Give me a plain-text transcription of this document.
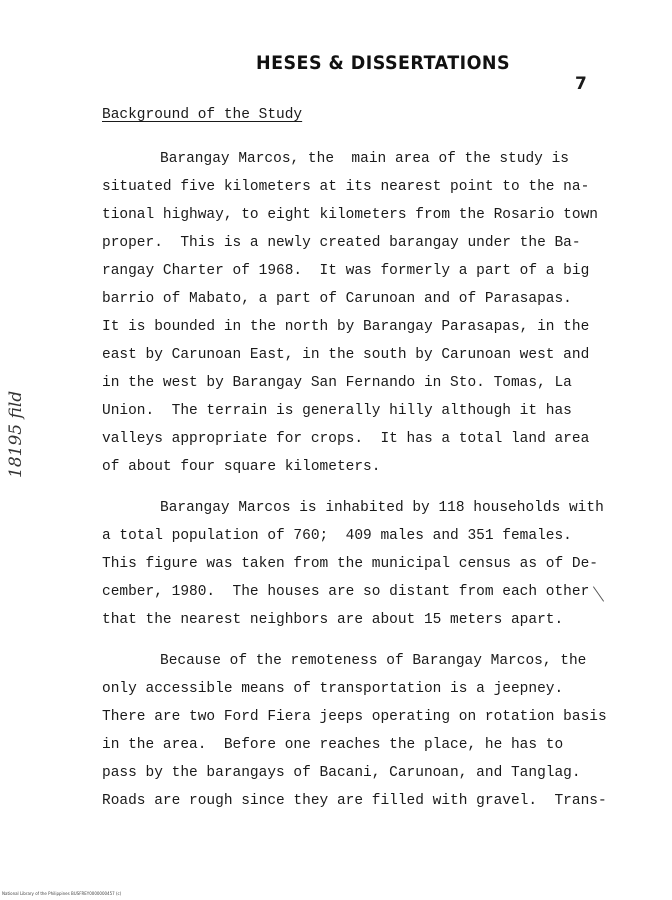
HESES & DISSERTATIONS
7
Background of the Study
Barangay Marcos, the  main area of the study is
situated five kilometers at its nearest point to the na-
tional highway, to eight kilometers from the Rosario town
proper.  This is a newly created barangay under the Ba-
rangay Charter of 1968.  It was formerly a part of a big
barrio of Mabato, a part of Carunoan and of Parasapas.
It is bounded in the north by Barangay Parasapas, in the
east by Carunoan East, in the south by Carunoan west and
in the west by Barangay San Fernando in Sto. Tomas, La
Union.  The terrain is generally hilly although it has
valleys appropriate for crops.  It has a total land area
of about four square kilometers.
Barangay Marcos is inhabited by 118 households with
a total population of 760;  409 males and 351 females.
This figure was taken from the municipal census as of De-
cember, 1980.  The houses are so distant from each other
that the nearest neighbors are about 15 meters apart.
Because of the remoteness of Barangay Marcos, the
only accessible means of transportation is a jeepney.
There are two Ford Fiera jeeps operating on rotation basis
in the area.  Before one reaches the place, he has to
pass by the barangays of Bacani, Carunoan, and Tanglag.
Roads are rough since they are filled with gravel.  Trans-
18195 fild
National Library of the Philippines BUSFREY0000000457 (c)
